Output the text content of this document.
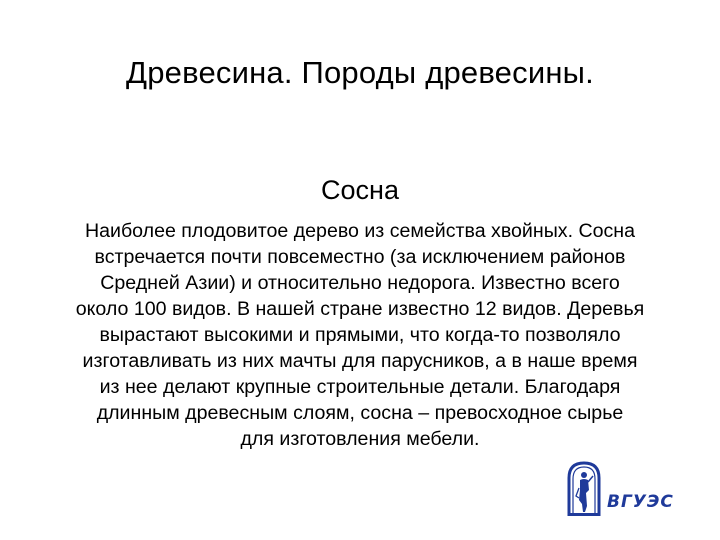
Древесина. Породы древесины.
Сосна
Наиболее плодовитое дерево из семейства хвойных. Сосна
встречается почти повсеместно (за исключением районов
Средней Азии) и относительно недорога. Известно всего
около 100 видов. В нашей стране известно 12 видов. Деревья
вырастают высокими и прямыми, что когда-то позволяло
изготавливать из них мачты для парусников, а в наше время
из нее делают крупные строительные детали. Благодаря
длинным древесным слоям, сосна – превосходное сырье
для изготовления мебели.
ВГУЭС
